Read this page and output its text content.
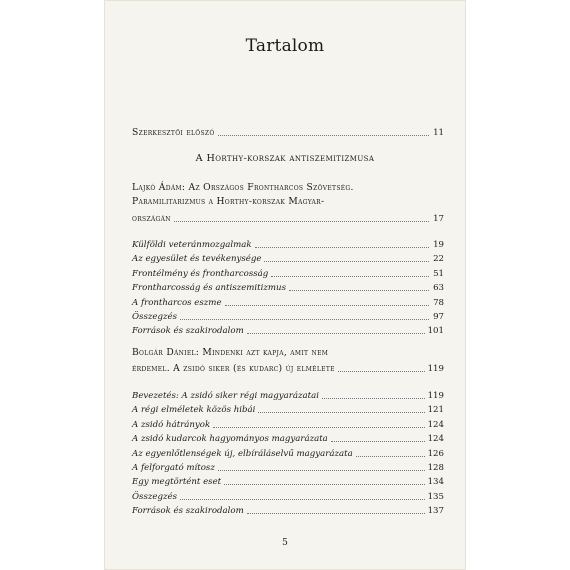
Tartalom
Szerkesztői előszó	11
A Horthy-korszak antiszemitizmusa
Lajkó Ádám: Az Országos Frontharcos Szövetség.
Paramilitarizmus a Horthy-korszak Magyar-
országán	17
Külföldi veteránmozgalmak	19
Az egyesület és tevékenysége	22
Frontélmény és frontharcosság	51
Frontharcosság és antiszemitizmus	63
A frontharcos eszme	78
Összegzés	97
Források és szakirodalom	101
Bolgár Dániel: Mindenki azt kapja, amit nem
érdemel. A zsidó siker (és kudarc) új elmélete	119
Bevezetés: A zsidó siker régi magyarázatai	119
A régi elméletek közös hibái	121
A zsidó hátrányok	124
A zsidó kudarcok hagyományos magyarázata	124
Az egyenlőtlenségek új, elbíráláselvű magyarázata	126
A felforgató mítosz	128
Egy megtörtént eset	134
Összegzés	135
Források és szakirodalom	137
5
